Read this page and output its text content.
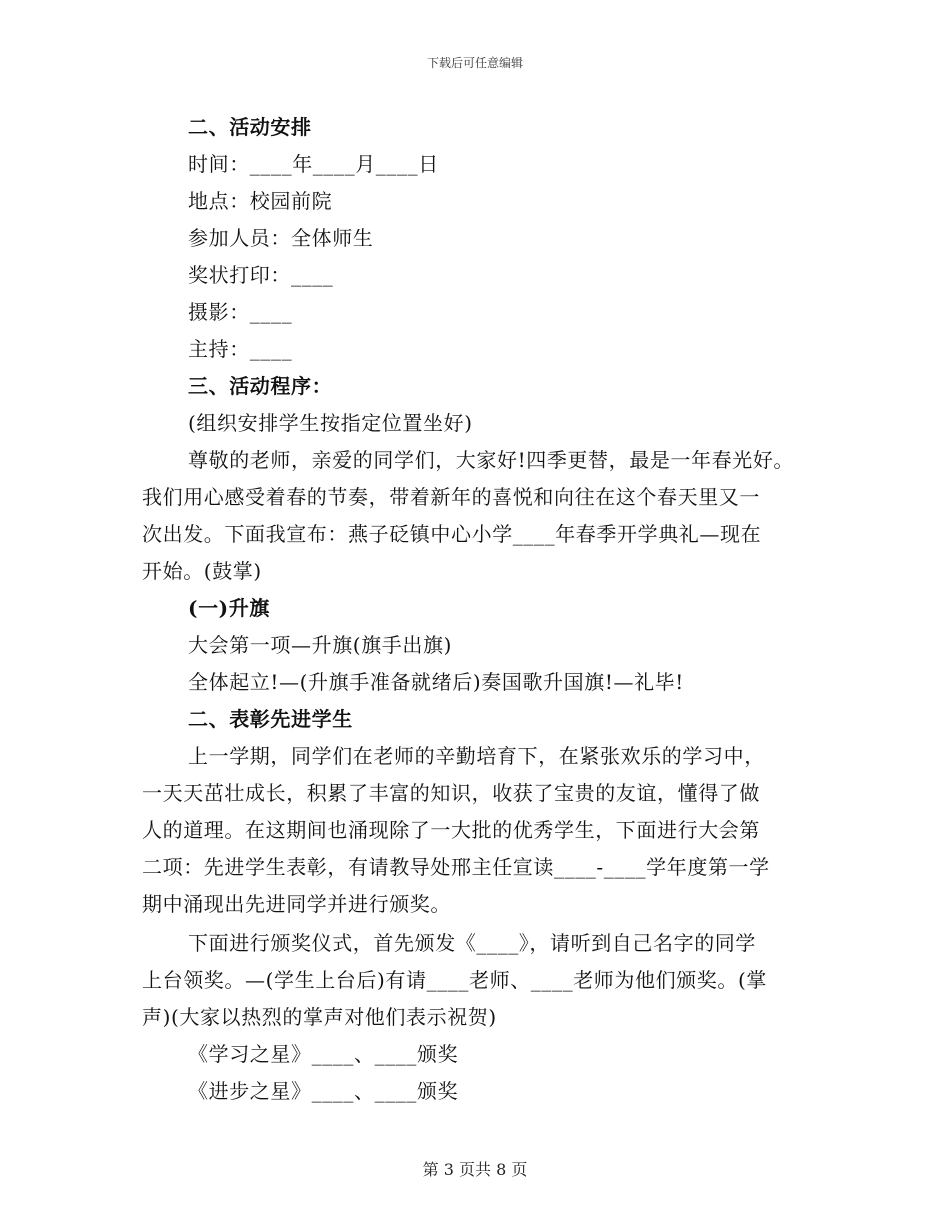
下载后可任意编辑
二、活动安排
时间：____年____月____日
地点：校园前院
参加人员：全体师生
奖状打印：____
摄影：____
主持：____
三、活动程序：
(组织安排学生按指定位置坐好)
尊敬的老师，亲爱的同学们，大家好!四季更替，最是一年春光好。
我们用心感受着春的节奏，带着新年的喜悦和向往在这个春天里又一
次出发。下面我宣布：燕子砭镇中心小学____年春季开学典礼—现在
开始。(鼓掌)
(一)升旗
大会第一项—升旗(旗手出旗)
全体起立!—(升旗手准备就绪后)奏国歌升国旗!—礼毕!
二、表彰先进学生
上一学期，同学们在老师的辛勤培育下，在紧张欢乐的学习中，
一天天茁壮成长，积累了丰富的知识，收获了宝贵的友谊，懂得了做
人的道理。在这期间也涌现除了一大批的优秀学生，下面进行大会第
二项：先进学生表彰，有请教导处邢主任宣读____-____学年度第一学
期中涌现出先进同学并进行颁奖。
下面进行颁奖仪式，首先颁发《____》，请听到自己名字的同学
上台领奖。—(学生上台后)有请____老师、____老师为他们颁奖。(掌
声)(大家以热烈的掌声对他们表示祝贺)
《学习之星》____、____颁奖
《进步之星》____、____颁奖
第 3 页共 8 页
